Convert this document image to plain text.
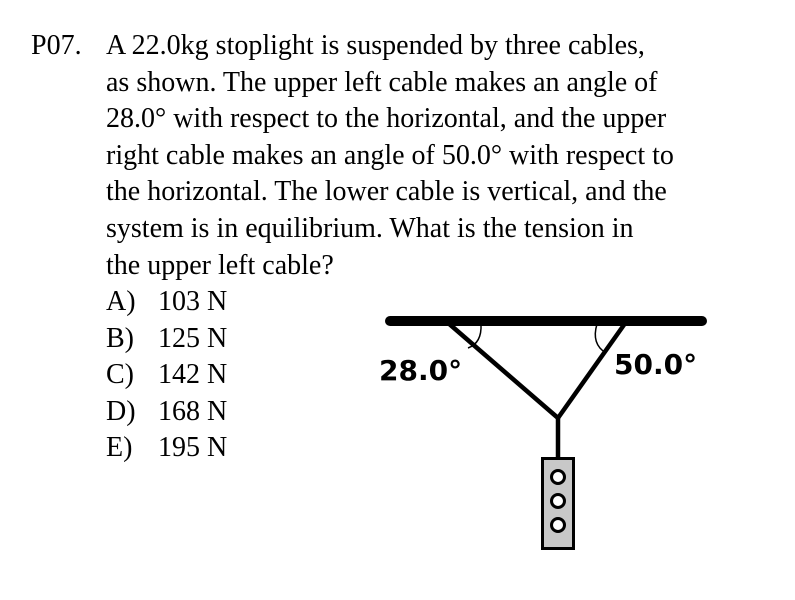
P07. A 22.0kg stoplight is suspended by three cables,
as shown. The upper left cable makes an angle of
28.0° with respect to the horizontal, and the upper
right cable makes an angle of 50.0° with respect to
the horizontal. The lower cable is vertical, and the
system is in equilibrium. What is the tension in
the upper left cable?
A) 103 N
B) 125 N
C) 142 N
D) 168 N
E) 195 N
28.0°	50.0°
